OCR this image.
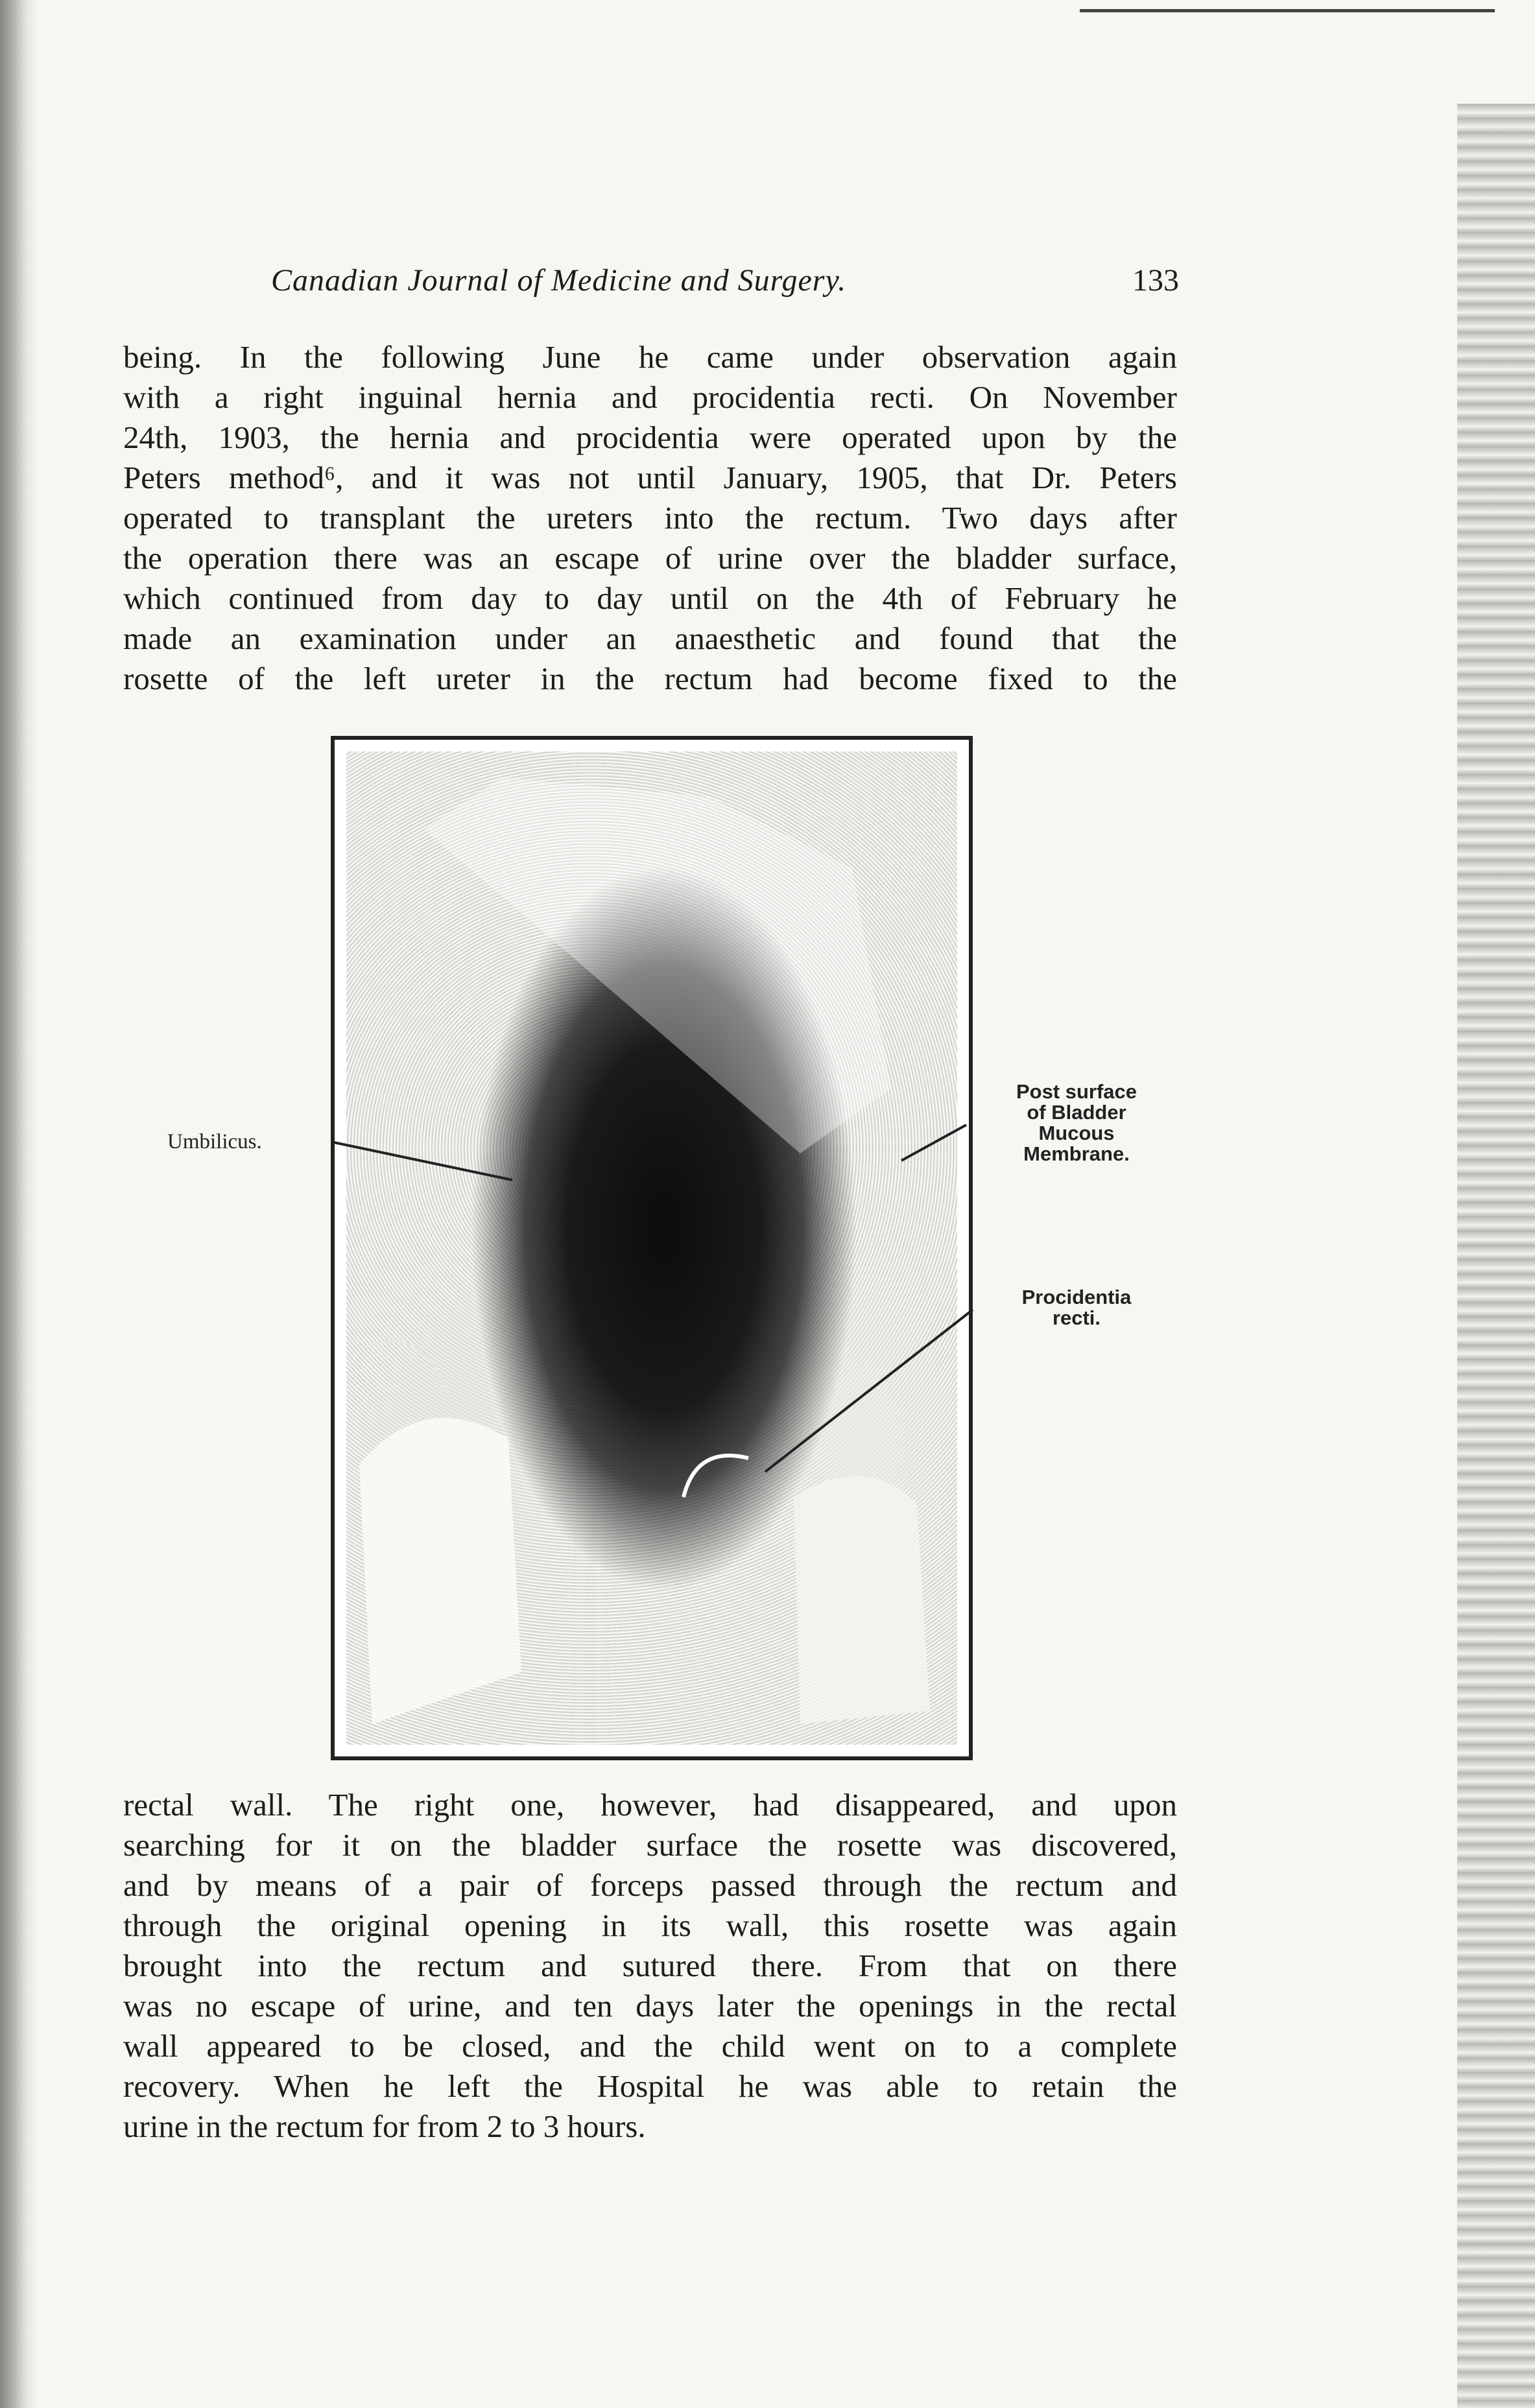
Canadian Journal of Medicine and Surgery.	133
being. In the following June he came under observation again
with a right inguinal hernia and procidentia recti. On November
24th, 1903, the hernia and procidentia were operated upon by the
Peters method⁶, and it was not until January, 1905, that Dr. Peters
operated to transplant the ureters into the rectum. Two days after
the operation there was an escape of urine over the bladder surface,
which continued from day to day until on the 4th of February he
made an examination under an anaesthetic and found that the
rosette of the left ureter in the rectum had become fixed to the
Umbilicus.
Post surface
of Bladder
Mucous
Membrane.
Procidentia
recti.
rectal wall. The right one, however, had disappeared, and upon
searching for it on the bladder surface the rosette was discovered,
and by means of a pair of forceps passed through the rectum and
through the original opening in its wall, this rosette was again
brought into the rectum and sutured there. From that on there
was no escape of urine, and ten days later the openings in the rectal
wall appeared to be closed, and the child went on to a complete
recovery. When he left the Hospital he was able to retain the
urine in the rectum for from 2 to 3 hours.
